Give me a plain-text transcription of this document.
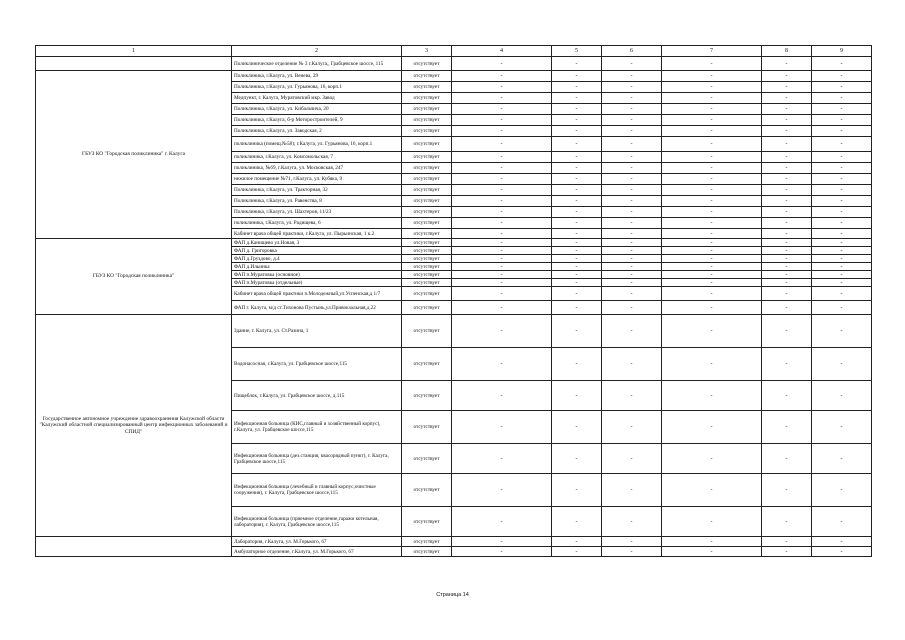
1	2	3	4	5	6	7	8	9
	Поликлиническое отделение № 3 г.Калуга,, Грабцевское шоссе, 115	отсутствует	-	-	-	-	-	-
ГБУЗ КО "Городская поликлиника" г. Калуга	Поликлиника, г.Калуга, ул. Венева, 29	отсутствует	-	-	-	-	-	-
	Поликлиника, г.Калуга, ул. Гурьянова, 16, корп.1	отсутствует	-	-	-	-	-	-
	Медпункт, г. Калуга, Муратовский мкр. Завод	отсутствует	-	-	-	-	-	-
	Поликлиника, г.Калуга, ул. Кибальчича, 20	отсутствует	-	-	-	-	-	-
	Поликлиника, г.Калуга, б-р Моторостроителей, 9	отсутствует	-	-	-	-	-	-
	Поликлиника, г.Калуга, ул. Заводская, 2	отсутствует	-	-	-	-	-	-
	поликлиника (помещ.№58); г.Калуга, ул. Гурьянова, 16, корп.1	отсутствует	-	-	-	-	-	-
	поликлиника, г.Калуга, ул. Комсомольская, 7	отсутствует	-	-	-	-	-	-
	поликлиника, №69, г.Калуга, ул. Московская, 247	отсутствует	-	-	-	-	-	-
	нежилое помещение №71, г.Калуга, ул. Кубяка, 9	отсутствует	-	-	-	-	-	-
	Поликлиника, г.Калуга, ул. Тракторная, 32	отсутствует	-	-	-	-	-	-
	Поликлиника, г.Калуга, ул. Равенства, 8	отсутствует	-	-	-	-	-	-
	Поликлиника, г.Калуга, ул. Шахтеров, 11/23	отсутствует	-	-	-	-	-	-
	поликлиника, г.Калуга, ул. Радищева, 6	отсутствует	-	-	-	-	-	-
	Кабинет врача общей практики, г.Калуга, ул. Пырьинская, 1 к.2	отсутствует	-	-	-	-	-	-
ГБУЗ КО "Городская поликлиника"	ФАП д.Канищево ул.Новая, 3	отсутствует	-	-	-	-	-	-
	ФАП д. Григоровка	отсутствует	-	-	-	-	-	-
	ФАП д.Груздово, д.4	отсутствует	-	-	-	-	-	-
	ФАП д.Ильинка	отсутствует	-	-	-	-	-	-
	ФАП п.Муратовка (основное)	отсутствует	-	-	-	-	-	-
	ФАП п.Муратовка (отдельные)	отсутствует	-	-	-	-	-	-
	Кабинет врача общей практики п.Молодежный,ул.Успенская,д 1/7	отсутствует	-	-	-	-	-	-
	ФАП г. Калуга, м/д ст.Тихонова Пустынь,ул.Привокзальная,д.22	отсутствует	-	-	-	-	-	-
Государственное автономное учреждение здравоохранения Калужской области "Калужский областной специализированный центр инфекционных заболеваний и СПИД"	Здание, г. Калуга, ул. Ст.Разина, 1	отсутствует	-	-	-	-	-	-
	Водонасосная, г.Калуга, ул. Грабцевское шоссе,115	отсутствует	-	-	-	-	-	-
	Пищеблок, г.Калуга, ул. Грабцевское шоссе, д.115	отсутствует	-	-	-	-	-	-
	Инфекционная больница (КИС,главный и хозяйственный корпус), г.Калуга, ул. Грабцевское шоссе,115	отсутствует	-	-	-	-	-	-
	Инфекционная больница (дез.станция, квасорядный пункт), г. Калуга, Грабцевское шоссе,115	отсутствует	-	-	-	-	-	-
	Инфекционная больница (лечебный и главный корпус,очистные сооружения), г. Калуга, Грабцевское шоссе,115	отсутствует	-	-	-	-	-	-
	Инфекционная больница (приемное отделение,гаражи котельная, лаборатория), г. Калуга, Грабцевское шоссе,115	отсутствует	-	-	-	-	-	-
	Лаборатория, г.Калуга, ул. М.Горького, 67	отсутствует	-	-	-	-	-	-
	Амбулаторное отделение, г.Калуга, ул. М.Горького, 67	отсутствует	-	-	-	-	-	-
Страница 14
